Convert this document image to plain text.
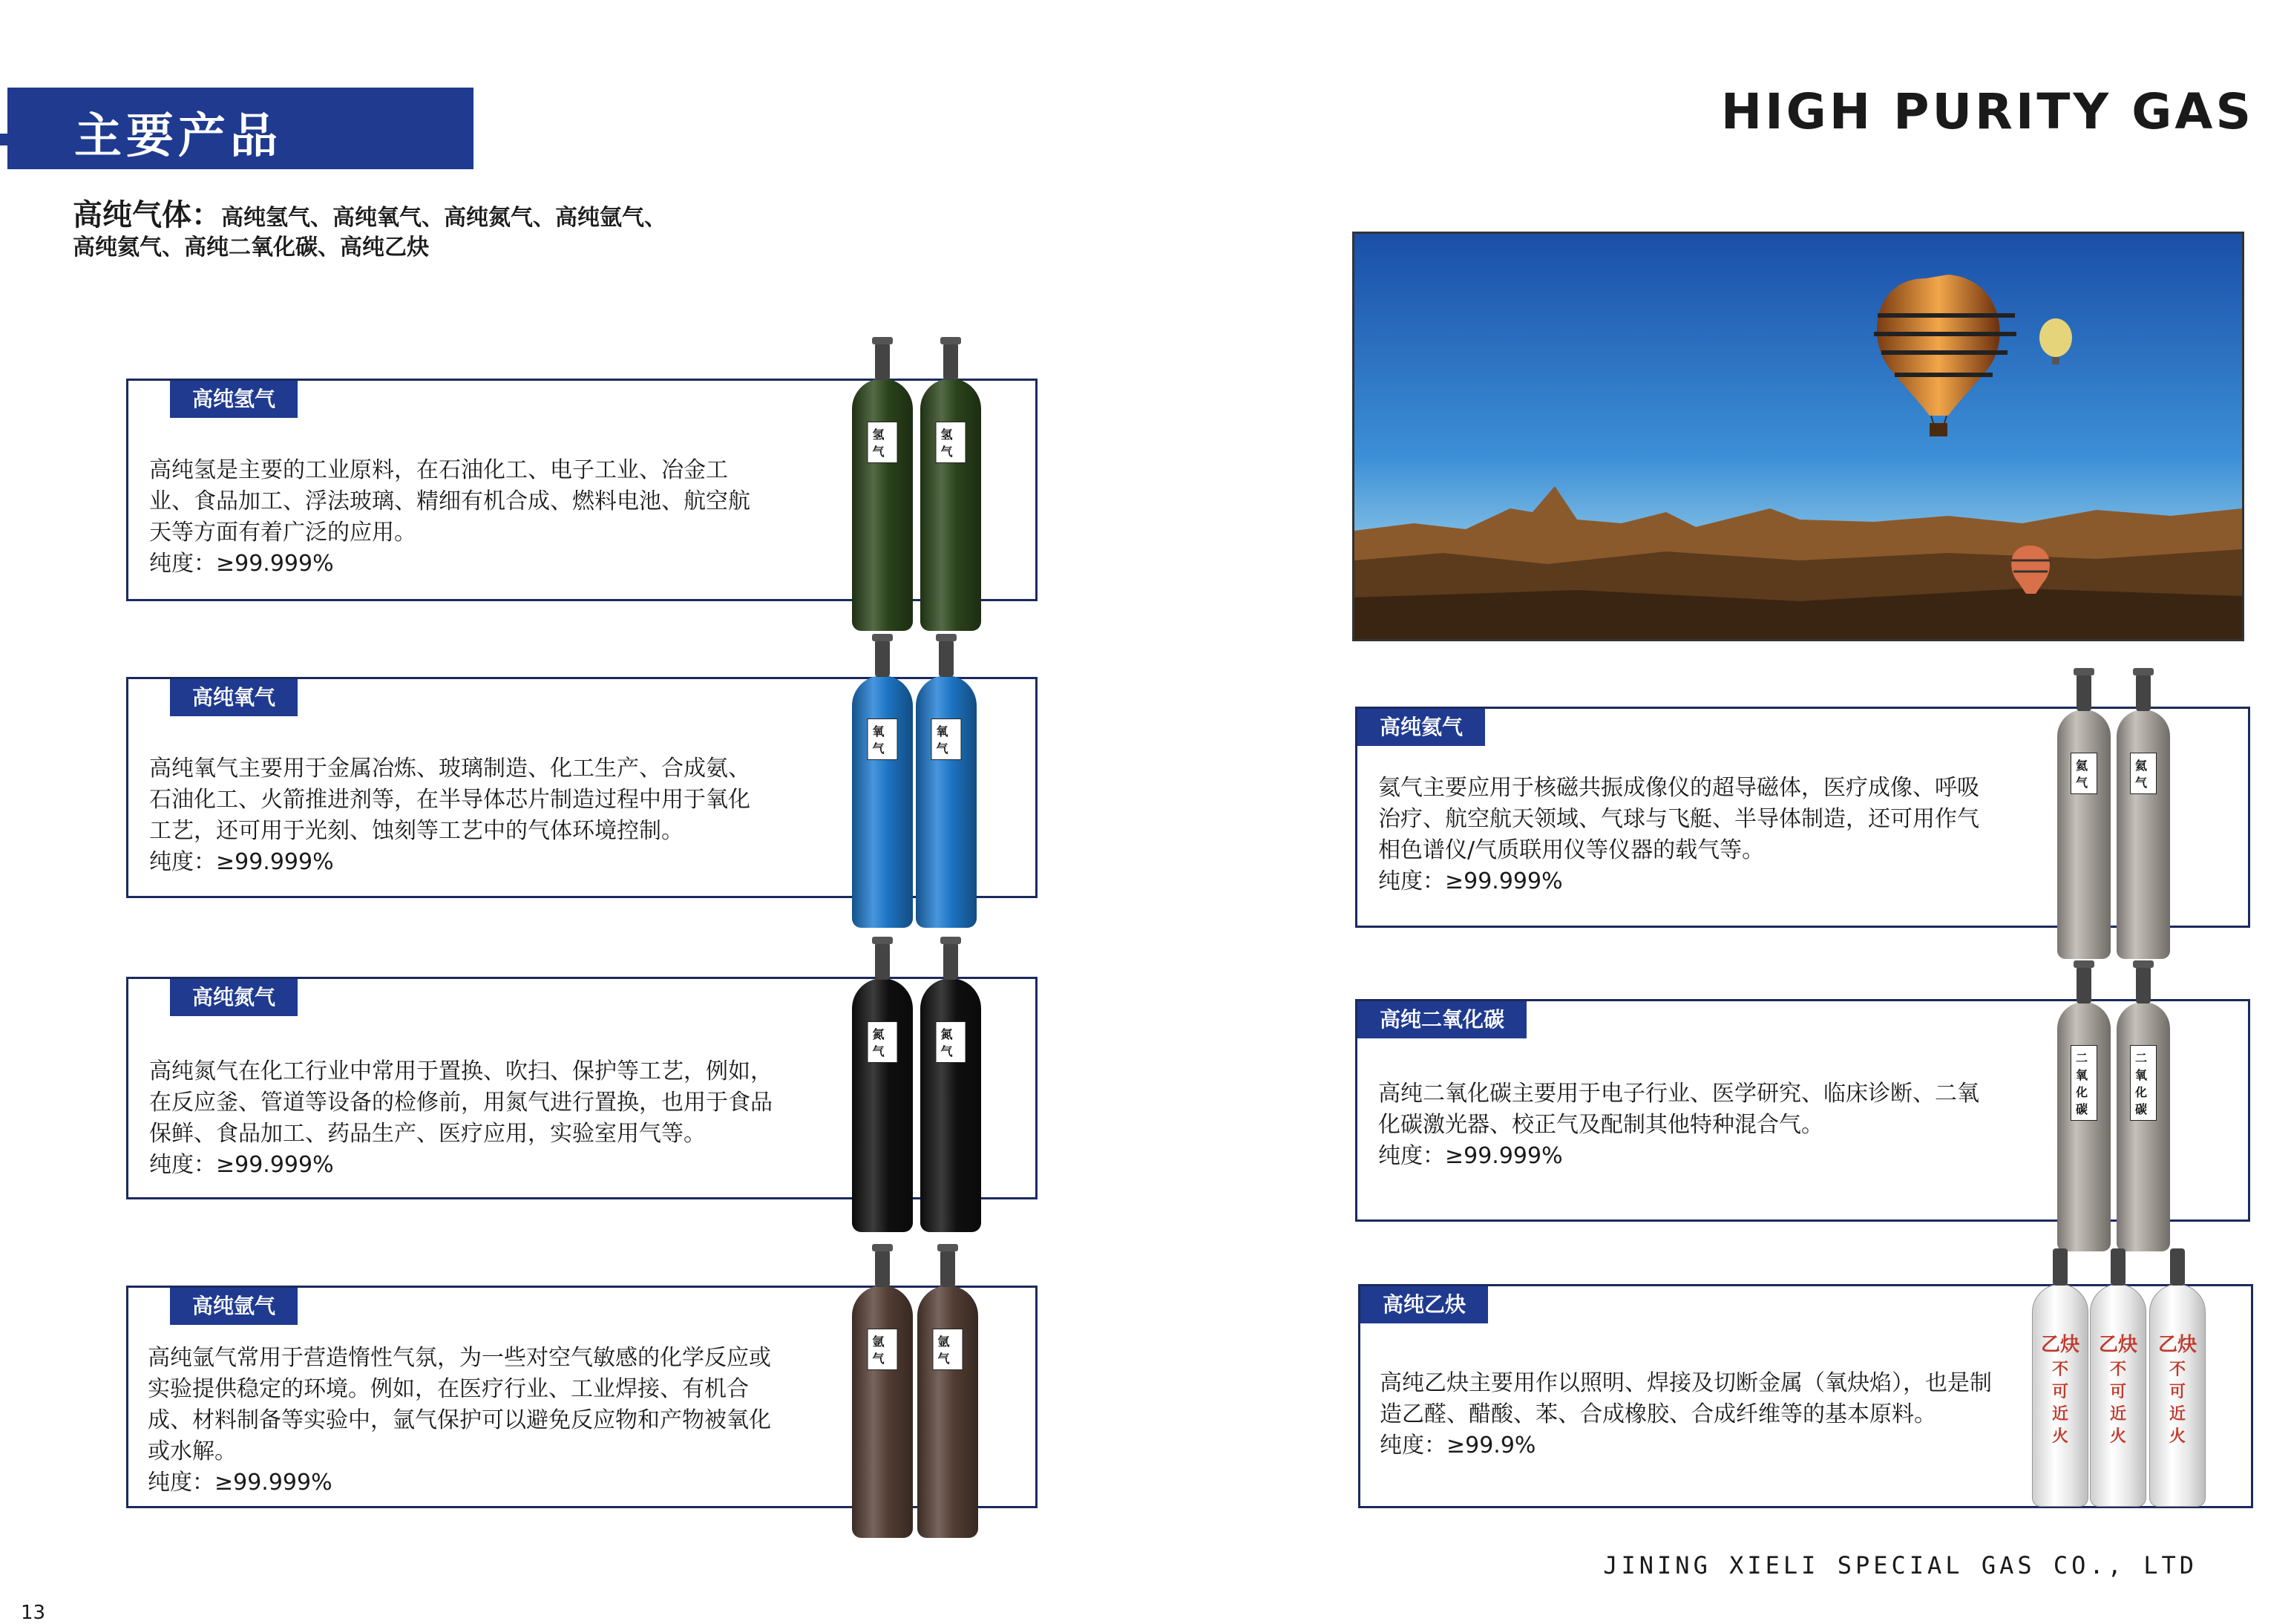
主要产品	HIGH PURITY GAS
高纯气体：高纯氢气、高纯氧气、高纯氮气、高纯氩气、
高纯氦气、高纯二氧化碳、高纯乙炔
高纯氢气
高纯氢是主要的工业原料，在石油化工、电子工业、冶金工
业、食品加工、浮法玻璃、精细有机合成、燃料电池、航空航
天等方面有着广泛的应用。
纯度：≥99.999%
高纯氧气
高纯氧气主要用于金属冶炼、玻璃制造、化工生产、合成氨、
石油化工、火箭推进剂等，在半导体芯片制造过程中用于氧化
工艺，还可用于光刻、蚀刻等工艺中的气体环境控制。
纯度：≥99.999%
高纯氮气
高纯氮气在化工行业中常用于置换、吹扫、保护等工艺，例如，
在反应釜、管道等设备的检修前，用氮气进行置换，也用于食品
保鲜、食品加工、药品生产、医疗应用，实验室用气等。
纯度：≥99.999%
高纯氩气
高纯氩气常用于营造惰性气氛，为一些对空气敏感的化学反应或
实验提供稳定的环境。例如，在医疗行业、工业焊接、有机合
成、材料制备等实验中，氩气保护可以避免反应物和产物被氧化
或水解。
纯度：≥99.999%
高纯氦气
氦气主要应用于核磁共振成像仪的超导磁体，医疗成像、呼吸
治疗、航空航天领域、气球与飞艇、半导体制造，还可用作气
相色谱仪/气质联用仪等仪器的载气等。
纯度：≥99.999%
高纯二氧化碳
高纯二氧化碳主要用于电子行业、医学研究、临床诊断、二氧
化碳激光器、校正气及配制其他特种混合气。
纯度：≥99.999%
高纯乙炔
高纯乙炔主要用作以照明、焊接及切断金属（氧炔焰），也是制
造乙醛、醋酸、苯、合成橡胶、合成纤维等的基本原料。
纯度：≥99.9%
氢气
氢气
氧气
氧气
氮气
氮气
氩气
氩气
氦气
氦气
二氧化碳
二氧化碳
乙炔
不可近火
乙炔
不可近火
乙炔
不可近火
JINING XIELI SPECIAL GAS CO., LTD
13
